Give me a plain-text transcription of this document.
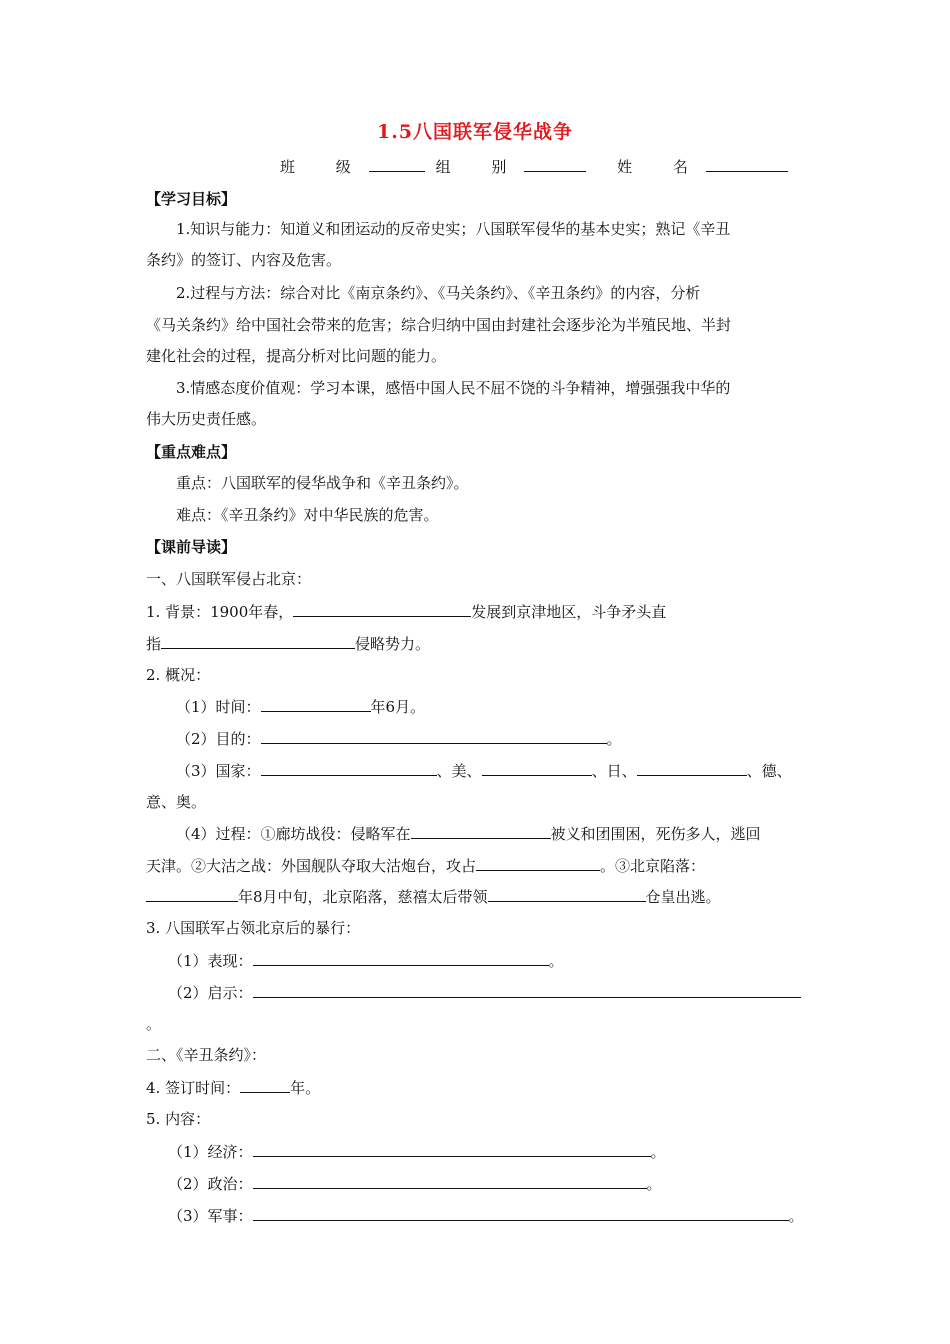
1.5八国联军侵华战争
班 级	组 别	姓 名
【学习目标】
1.知识与能力：知道义和团运动的反帝史实；八国联军侵华的基本史实；熟记《辛丑
条约》的签订、内容及危害。
2.过程与方法：综合对比《南京条约》、《马关条约》、《辛丑条约》的内容，分析
《马关条约》给中国社会带来的危害；综合归纳中国由封建社会逐步沦为半殖民地、半封
建化社会的过程，提高分析对比问题的能力。
3.情感态度价值观：学习本课，感悟中国人民不屈不饶的斗争精神，增强强我中华的
伟大历史责任感。
【重点难点】
重点：八国联军的侵华战争和《辛丑条约》。
难点：《辛丑条约》对中华民族的危害。
【课前导读】
一、八国联军侵占北京：
1. 背景：1900年春，	发展到京津地区，斗争矛头直
指	侵略势力。
2. 概况：
（1）时间：	年6月。
（2）目的：	。
（3）国家：	、美、	、日、	、德、
意、奥。
（4）过程：①廊坊战役：侵略军在	被义和团围困，死伤多人，逃回
天津。②大沽之战：外国舰队夺取大沽炮台，攻占	。③北京陷落：
年8月中旬，北京陷落，慈禧太后带领	仓皇出逃。
3. 八国联军占领北京后的暴行：
（1）表现：	。
（2）启示：
。
二、《辛丑条约》：
4. 签订时间：	年。
5. 内容：
（1）经济：	。
（2）政治：	。
（3）军事：	。
